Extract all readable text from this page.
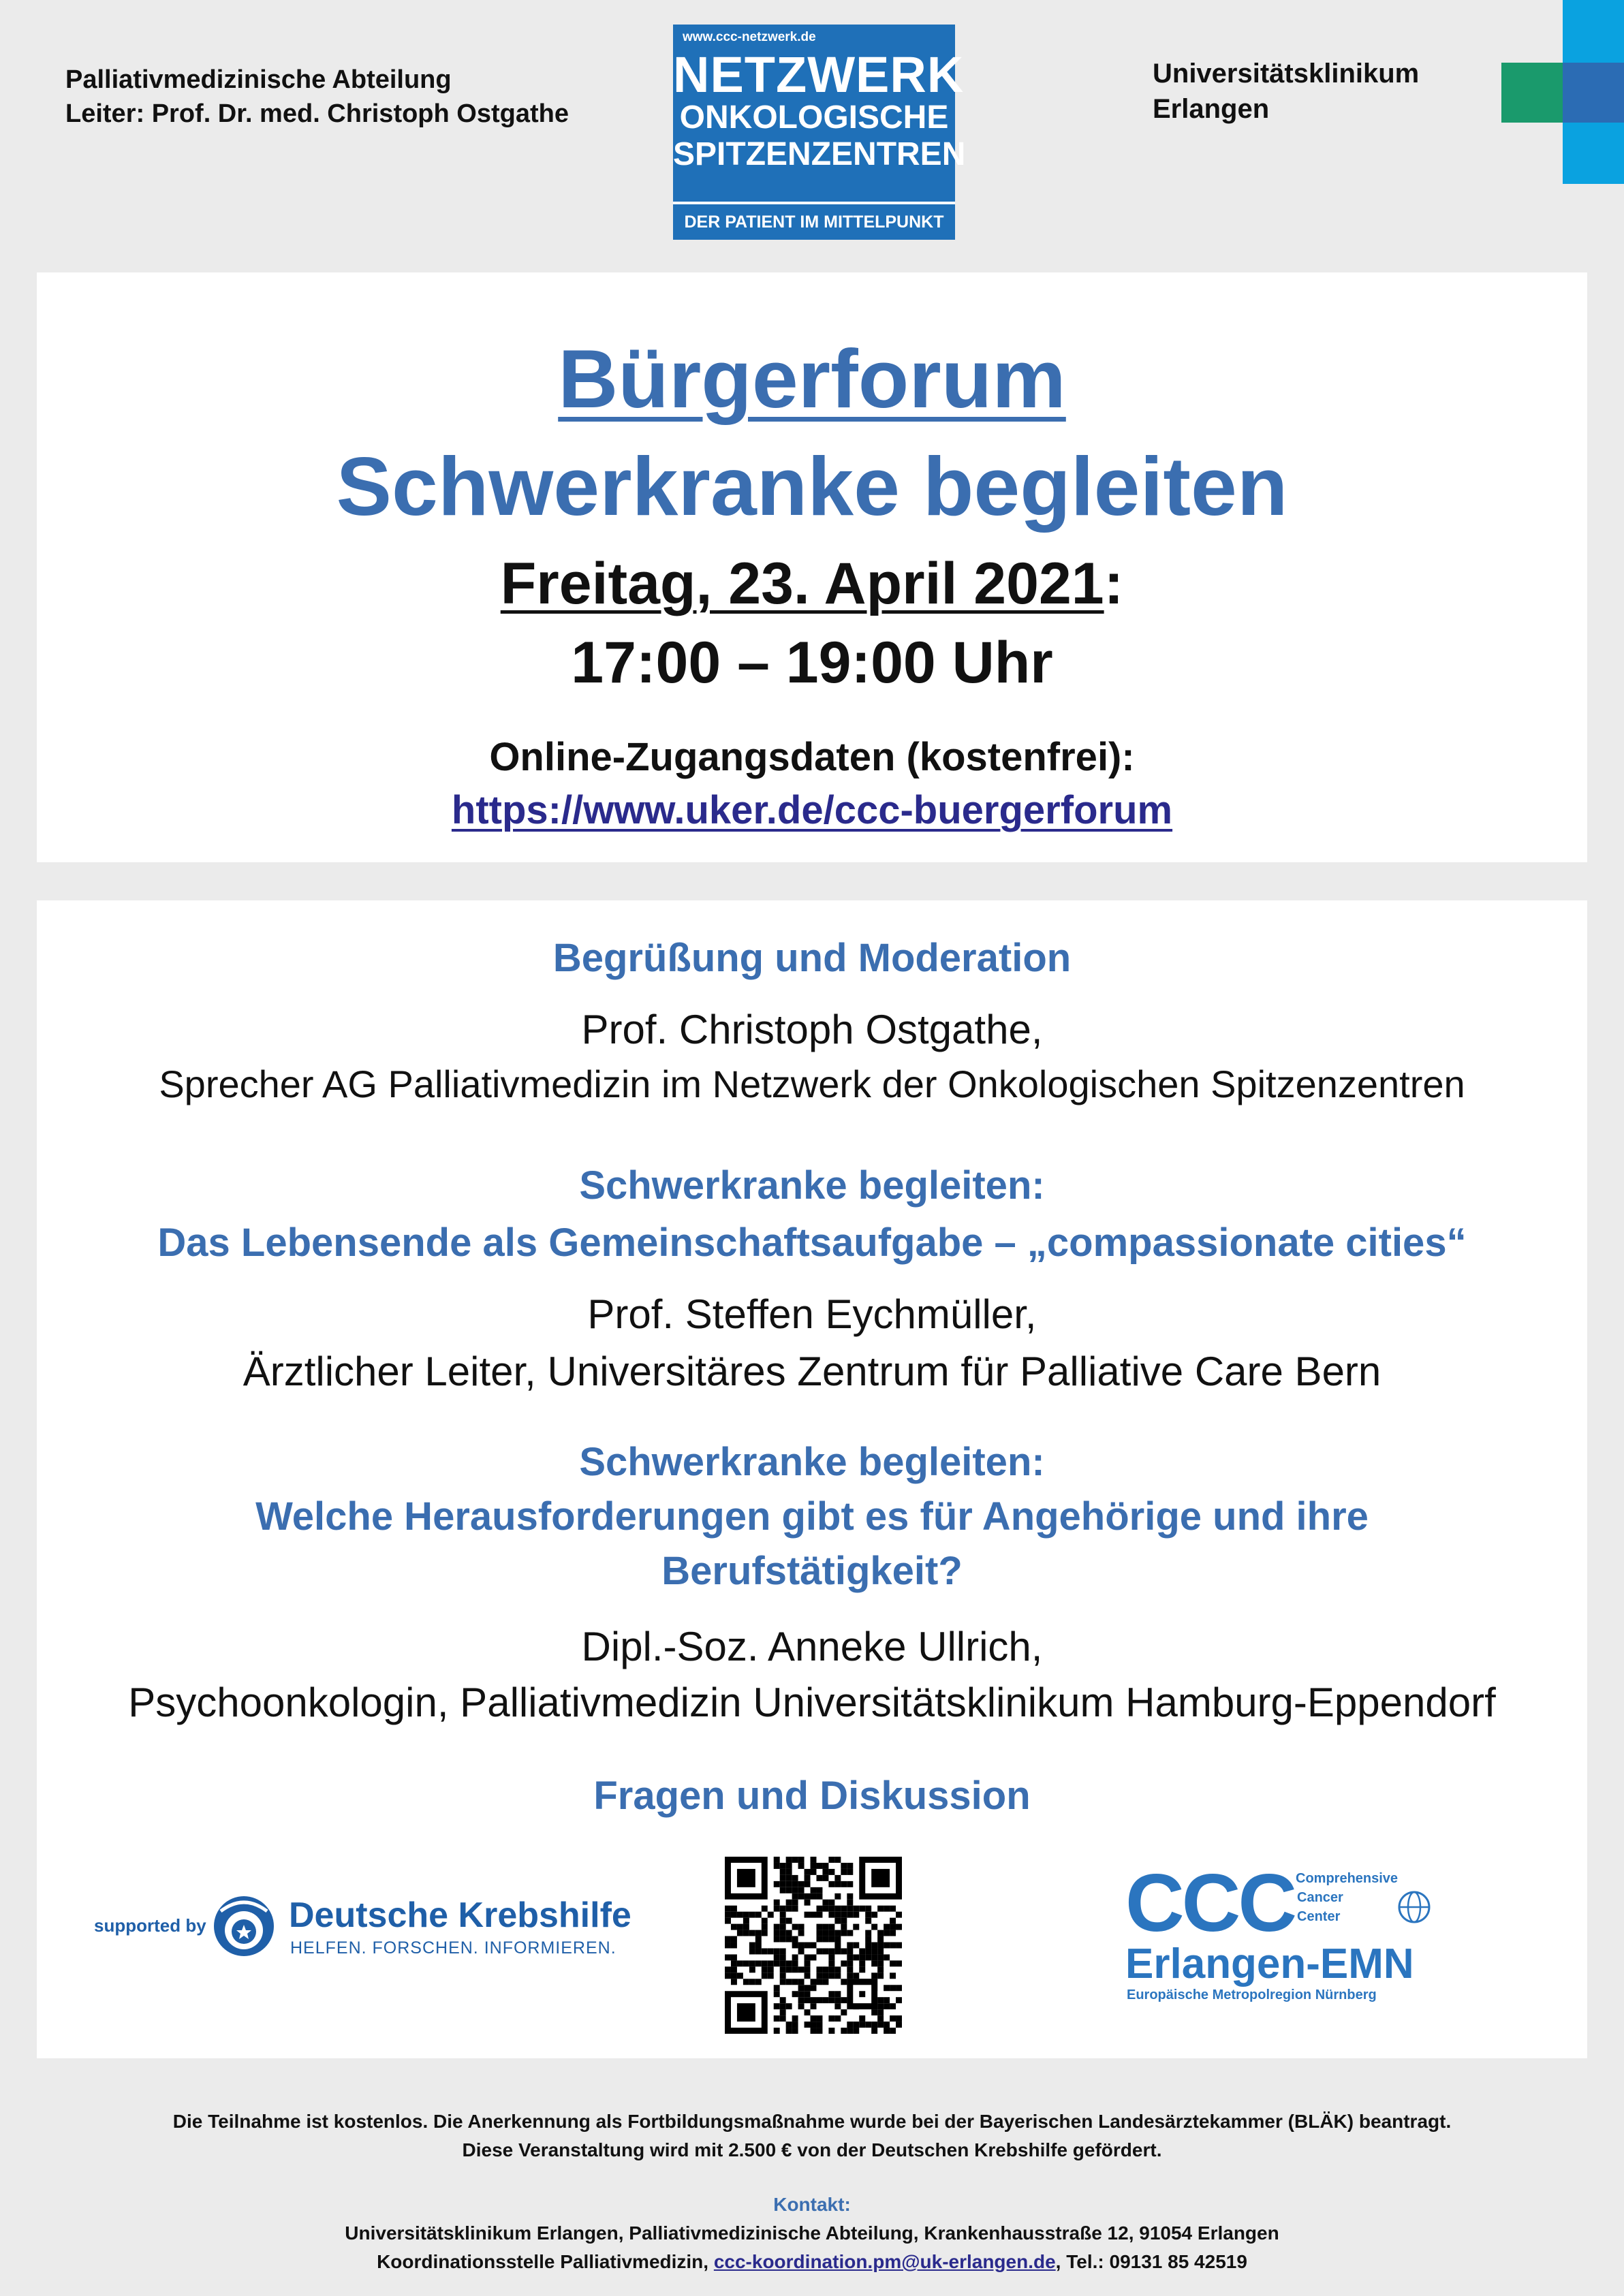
Palliativmedizinische Abteilung
Leiter: Prof. Dr. med. Christoph Ostgathe
www.ccc-netzwerk.de
NETZWERK
ONKOLOGISCHE
SPITZENZENTREN
DER PATIENT IM MITTELPUNKT
Universitätsklinikum
Erlangen
Bürgerforum
Schwerkranke begleiten
Freitag, 23. April 2021:
17:00 – 19:00 Uhr
Online-Zugangsdaten (kostenfrei):
https://www.uker.de/ccc-buergerforum
Begrüßung und Moderation
Prof. Christoph Ostgathe,
Sprecher AG Palliativmedizin im Netzwerk der Onkologischen Spitzenzentren
Schwerkranke begleiten:
Das Lebensende als Gemeinschaftsaufgabe – „compassionate cities“
Prof. Steffen Eychmüller,
Ärztlicher Leiter, Universitäres Zentrum für Palliative Care Bern
Schwerkranke begleiten:
Welche Herausforderungen gibt es für Angehörige und ihre
Berufstätigkeit?
Dipl.-Soz. Anneke Ullrich,
Psychoonkologin, Palliativmedizin Universitätsklinikum Hamburg-Eppendorf
Fragen und Diskussion
supported by Deutsche Krebshilfe
HELFEN. FORSCHEN. INFORMIEREN.	CCC Comprehensive
Cancer
Center
Erlangen-EMN
Europäische Metropolregion Nürnberg
Die Teilnahme ist kostenlos. Die Anerkennung als Fortbildungsmaßnahme wurde bei der Bayerischen Landesärztekammer (BLÄK) beantragt.
Diese Veranstaltung wird mit 2.500 € von der Deutschen Krebshilfe gefördert.
Kontakt:
Universitätsklinikum Erlangen, Palliativmedizinische Abteilung, Krankenhausstraße 12, 91054 Erlangen
Koordinationsstelle Palliativmedizin, ccc-koordination.pm@uk-erlangen.de, Tel.: 09131 85 42519
